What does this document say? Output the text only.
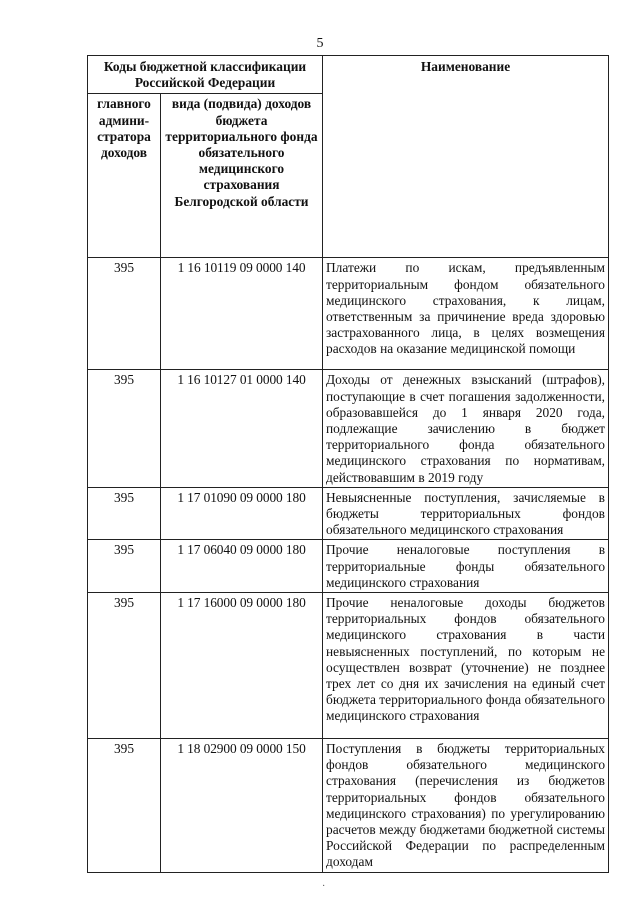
5
Коды бюджетной классификации Российской Федерации		Наименование
главного админи-стратора доходов	вида (подвида) доходов бюджета территориального фонда обязательного медицинского страхования Белгородской области	
395	1 16 10119 09 0000 140	Платежи по искам, предъявленным территориальным фондом обязательного медицинского страхования, к лицам, ответственным за причинение вреда здоровью застрахованного лица, в целях возмещения расходов на оказание медицинской помощи
395	1 16 10127 01 0000 140	Доходы от денежных взысканий (штрафов), поступающие в счет погашения задолженности, образовавшейся до 1 января 2020 года, подлежащие зачислению в бюджет территориального фонда обязательного медицинского страхования по нормативам, действовавшим в 2019 году
395	1 17 01090 09 0000 180	Невыясненные поступления, зачисляемые в бюджеты территориальных фондов обязательного медицинского страхования
395	1 17 06040 09 0000 180	Прочие неналоговые поступления в территориальные фонды обязательного медицинского страхования
395	1 17 16000 09 0000 180	Прочие неналоговые доходы бюджетов территориальных фондов обязательного медицинского страхования в части невыясненных поступлений, по которым не осуществлен возврат (уточнение) не позднее трех лет со дня их зачисления на единый счет бюджета территориального фонда обязательного медицинского страхования
395	1 18 02900 09 0000 150	Поступления в бюджеты территориальных фондов обязательного медицинского страхования (перечисления из бюджетов территориальных фондов обязательного медицинского страхования) по урегулированию расчетов между бюджетами бюджетной системы Российской Федерации по распределенным доходам
·
